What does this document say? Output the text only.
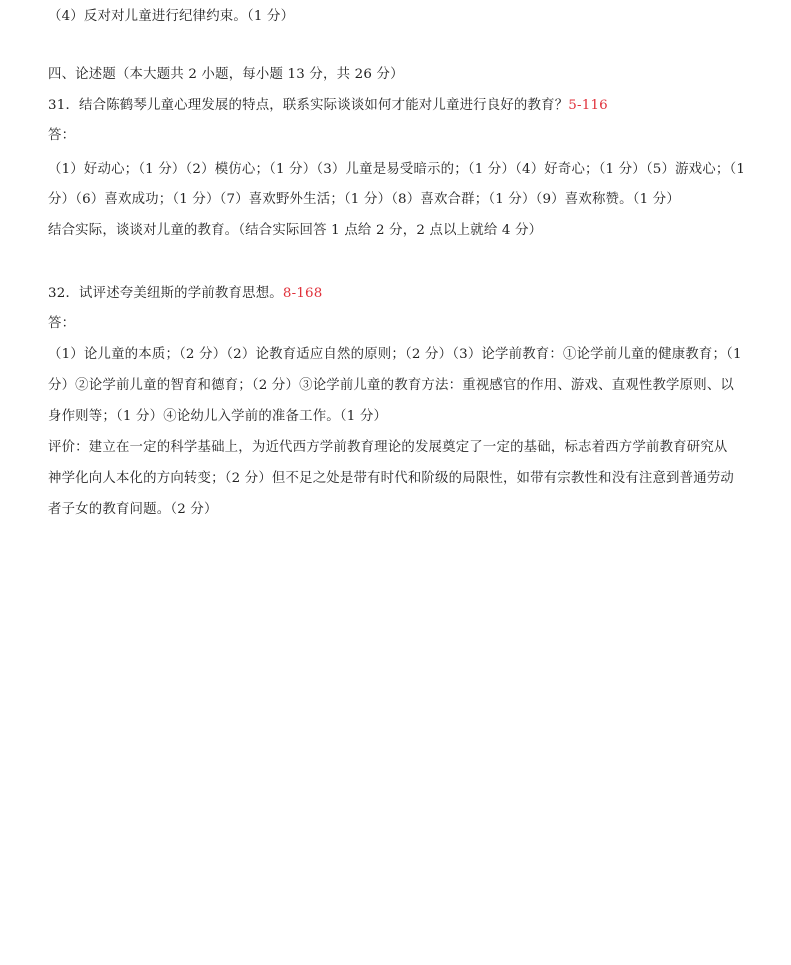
（4）反对对儿童进行纪律约束。（1 分）
四、论述题（本大题共 2 小题，每小题 13 分，共 26 分）
31．结合陈鹤琴儿童心理发展的特点，联系实际谈谈如何才能对儿童进行良好的教育？5-116
答：
（1）好动心；（1 分）（2）模仿心；（1 分）（3）儿童是易受暗示的；（1 分）（4）好奇心；（1 分）（5）游戏心；（1
分）（6）喜欢成功；（1 分）（7）喜欢野外生活；（1 分）（8）喜欢合群；（1 分）（9）喜欢称赞。（1 分）
结合实际，谈谈对儿童的教育。（结合实际回答 1 点给 2 分，2 点以上就给 4 分）
32．试评述夸美纽斯的学前教育思想。8-168
答：
（1）论儿童的本质；（2 分）（2）论教育适应自然的原则；（2 分）（3）论学前教育：①论学前儿童的健康教育；（1
分）②论学前儿童的智育和德育；（2 分）③论学前儿童的教育方法：重视感官的作用、游戏、直观性教学原则、以
身作则等；（1 分）④论幼儿入学前的准备工作。（1 分）
评价：建立在一定的科学基础上，为近代西方学前教育理论的发展奠定了一定的基础，标志着西方学前教育研究从
神学化向人本化的方向转变；（2 分）但不足之处是带有时代和阶级的局限性，如带有宗教性和没有注意到普通劳动
者子女的教育问题。（2 分）
